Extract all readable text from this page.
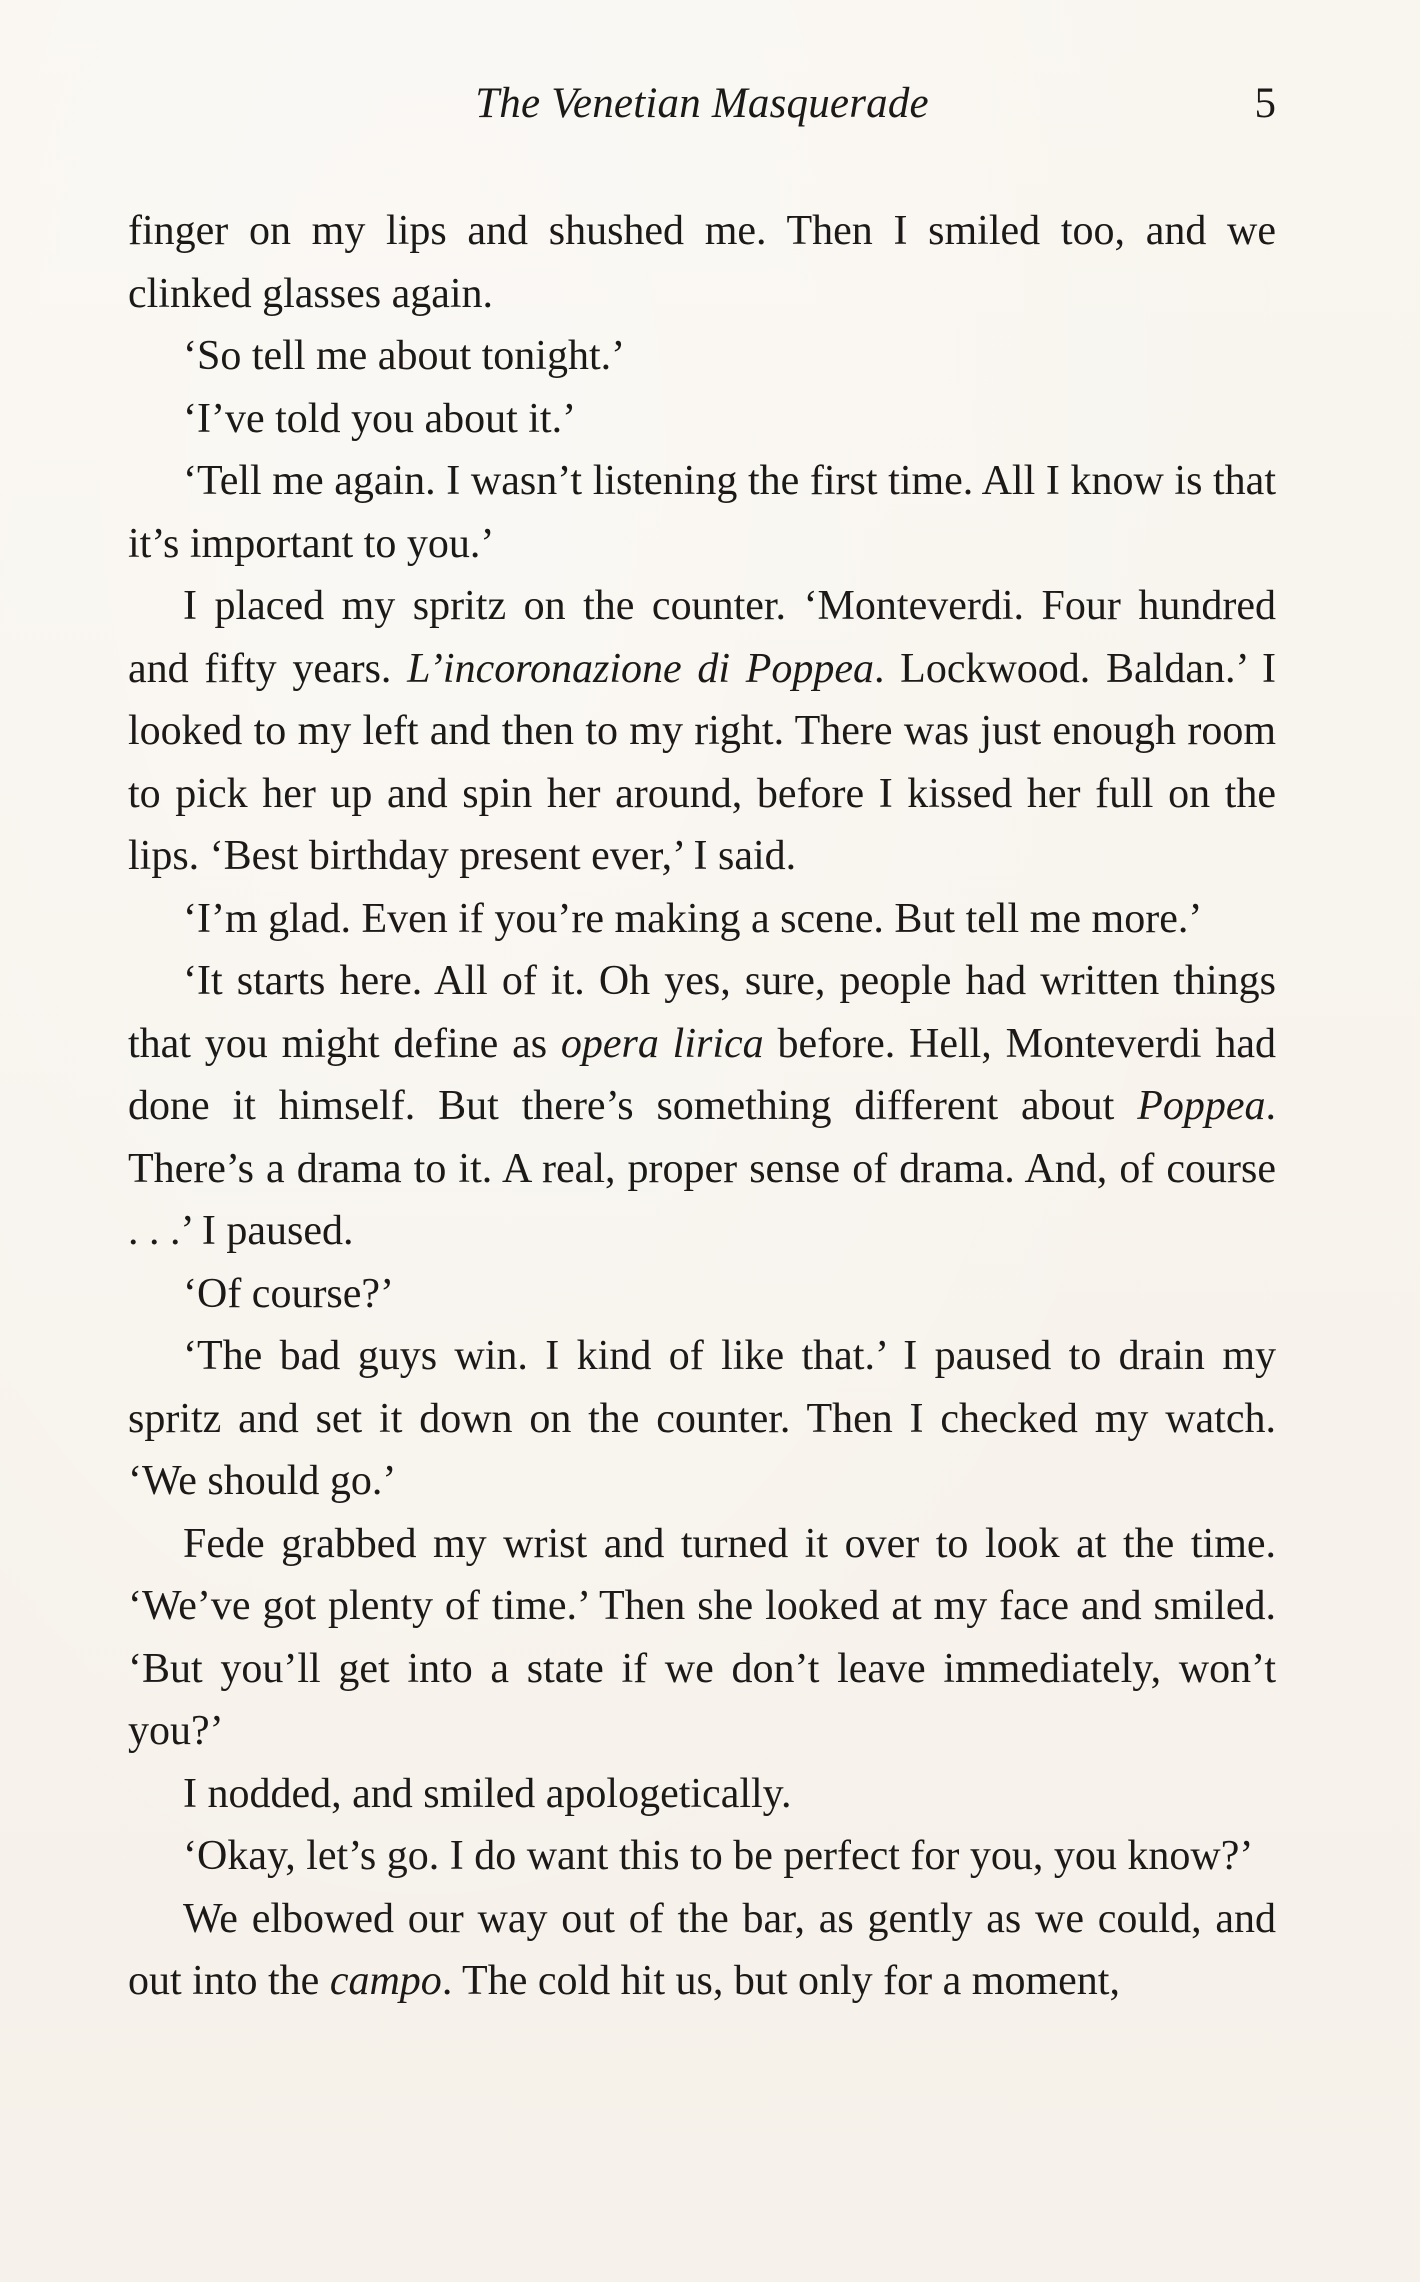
The Venetian Masquerade	5

finger on my lips and shushed me. Then I smiled too, and we clinked glasses again.

‘So tell me about tonight.’

‘I’ve told you about it.’

‘Tell me again. I wasn’t listening the first time. All I know is that it’s important to you.’

I placed my spritz on the counter. ‘Monteverdi. Four hundred and fifty years. L’incoronazione di Poppea. Lockwood. Baldan.’ I looked to my left and then to my right. There was just enough room to pick her up and spin her around, before I kissed her full on the lips. ‘Best birthday present ever,’ I said.

‘I’m glad. Even if you’re making a scene. But tell me more.’

‘It starts here. All of it. Oh yes, sure, people had written things that you might define as opera lirica before. Hell, Monteverdi had done it himself. But there’s something different about Poppea. There’s a drama to it. A real, proper sense of drama. And, of course . . .’ I paused.

‘Of course?’

‘The bad guys win. I kind of like that.’ I paused to drain my spritz and set it down on the counter. Then I checked my watch. ‘We should go.’

Fede grabbed my wrist and turned it over to look at the time. ‘We’ve got plenty of time.’ Then she looked at my face and smiled. ‘But you’ll get into a state if we don’t leave immediately, won’t you?’

I nodded, and smiled apologetically.

‘Okay, let’s go. I do want this to be perfect for you, you know?’

We elbowed our way out of the bar, as gently as we could, and out into the campo. The cold hit us, but only for a moment,
